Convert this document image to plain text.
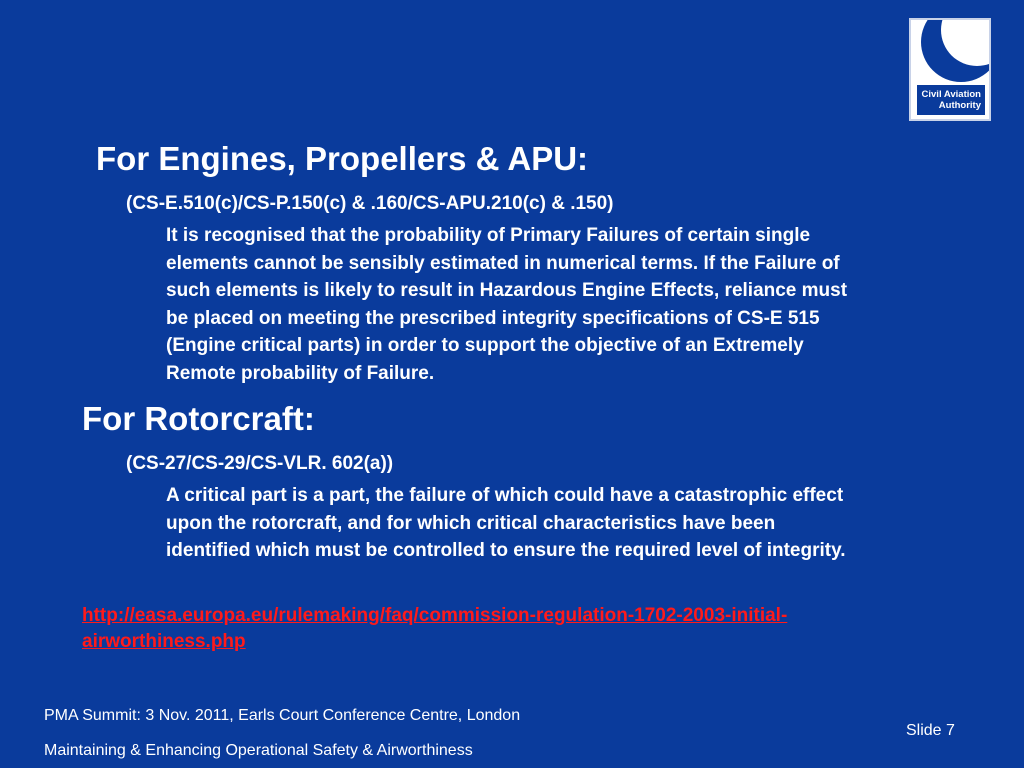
Civil Aviation
Authority
For Engines, Propellers & APU:
(CS-E.510(c)/CS-P.150(c) & .160/CS-APU.210(c) & .150)
It is recognised that the probability of Primary Failures of certain single
elements cannot be sensibly estimated in numerical terms. If the Failure of
such elements is likely to result in Hazardous Engine Effects, reliance must
be placed on meeting the prescribed integrity specifications of CS-E 515
(Engine critical parts) in order to support the objective of an Extremely
Remote probability of Failure.
For Rotorcraft:
(CS-27/CS-29/CS-VLR. 602(a))
A critical part is a part, the failure of which could have a catastrophic effect
upon the rotorcraft, and for which critical characteristics have been
identified which must be controlled to ensure the required level of integrity.
http://easa.europa.eu/rulemaking/faq/commission-regulation-1702-2003-initial-
airworthiness.php
PMA Summit: 3 Nov. 2011, Earls Court Conference Centre, London
Maintaining & Enhancing Operational Safety & Airworthiness
Slide 7
